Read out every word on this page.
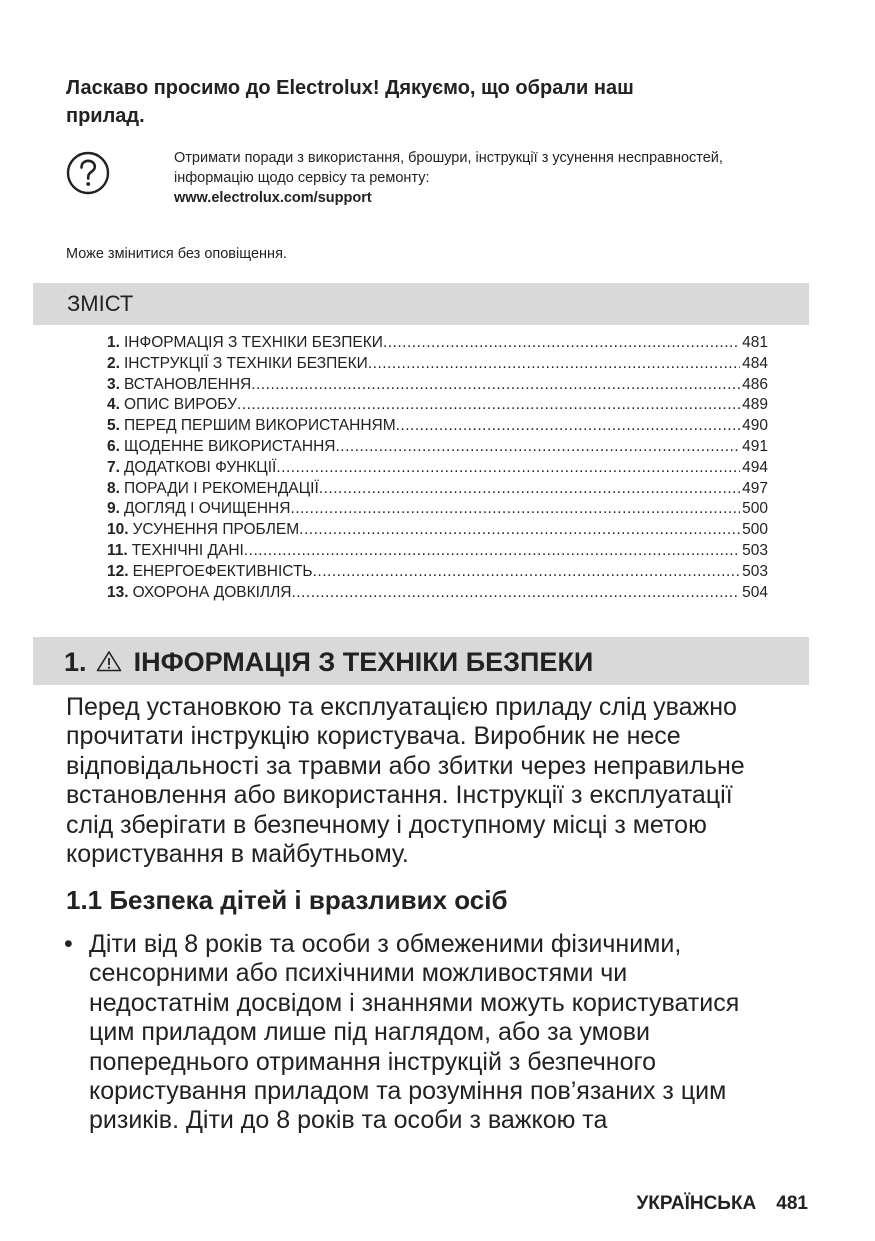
Ласкаво просимо до Electrolux! Дякуємо, що обрали наш
прилад.
Отримати поради з використання, брошури, інструкції з усунення несправностей,
інформацію щодо сервісу та ремонту:
www.electrolux.com/support
Може змінитися без оповіщення.
ЗМІСТ
1. ІНФОРМАЦІЯ З ТЕХНІКИ БЕЗПЕКИ .....	481
2. ІНСТРУКЦІЇ З ТЕХНІКИ БЕЗПЕКИ .....	484
3. ВСТАНОВЛЕННЯ .....	486
4. ОПИС ВИРОБУ .....	489
5. ПЕРЕД ПЕРШИМ ВИКОРИСТАННЯМ .....	490
6. ЩОДЕННЕ ВИКОРИСТАННЯ .....	491
7. ДОДАТКОВІ ФУНКЦІЇ .....	494
8. ПОРАДИ І РЕКОМЕНДАЦІЇ .....	497
9. ДОГЛЯД І ОЧИЩЕННЯ .....	500
10. УСУНЕННЯ ПРОБЛЕМ .....	500
11. ТЕХНІЧНІ ДАНІ .....	503
12. ЕНЕРГОЕФЕКТИВНІСТЬ .....	503
13. ОХОРОНА ДОВКІЛЛЯ .....	504
1. ІНФОРМАЦІЯ З ТЕХНІКИ БЕЗПЕКИ
Перед установкою та експлуатацією приладу слід уважно
прочитати інструкцію користувача. Виробник не несе
відповідальності за травми або збитки через неправильне
встановлення або використання. Інструкції з експлуатації
слід зберігати в безпечному і доступному місці з метою
користування в майбутньому.
1.1 Безпека дітей і вразливих осіб
• Діти від 8 років та особи з обмеженими фізичними,
сенсорними або психічними можливостями чи
недостатнім досвідом і знаннями можуть користуватися
цим приладом лише під наглядом, або за умови
попереднього отримання інструкцій з безпечного
користування приладом та розуміння пов’язаних з цим
ризиків. Діти до 8 років та особи з важкою та
УКРАЇНСЬКА 481
